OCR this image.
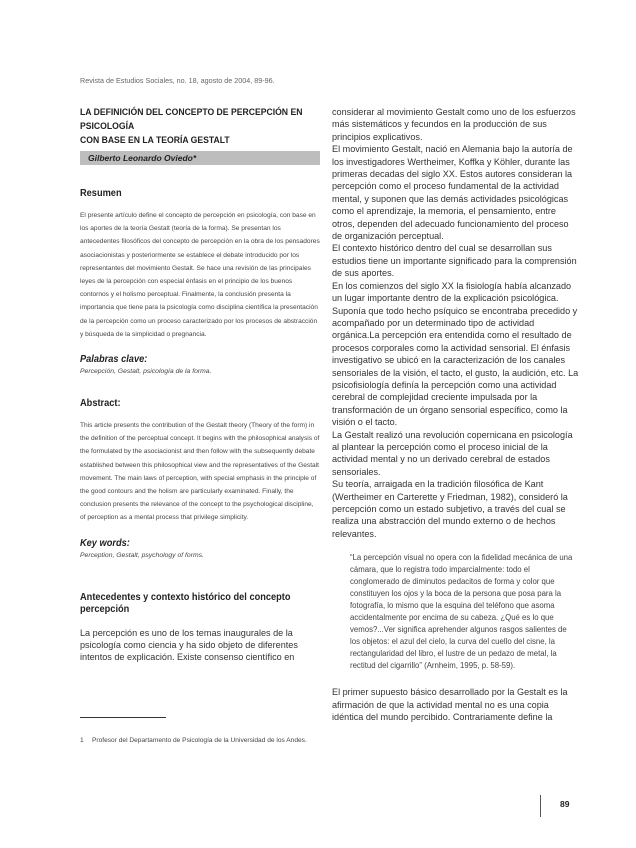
Revista de Estudios Sociales, no. 18, agosto de 2004, 89-96.
LA DEFINICIÓN DEL CONCEPTO DE PERCEPCIÓN EN PSICOLOGÍA
CON BASE EN LA TEORÍA GESTALT
Gilberto Leonardo Oviedo*
Resumen
El presente artículo define el concepto de percepción en psicología, con base en los aportes de la teoría Gestalt (teoría de la forma). Se presentan los antecedentes filosóficos del concepto de percepción en la obra de los pensadores asociacionistas y posteriormente se establece el debate introducido por los representantes del movimiento Gestalt. Se hace una revisión de las principales leyes de la percepción con especial énfasis en el principio de los buenos contornos y el holismo perceptual. Finalmente, la conclusión presenta la importancia que tiene para la psicología como disciplina científica la presentación de la percepción como un proceso caracterizado por los procesos de abstracción y búsqueda de la simplicidad o pregnancia.
Palabras clave:
Percepción, Gestalt, psicología de la forma.
Abstract:
This article presents the contribution of the Gestalt theory (Theory of the form) in the definition of the perceptual concept. It begins with the philosophical analysis of the formulated by the asociacionist and then follow with the subsequently debate established between this philosophical view and the representatives of the Gestalt movement. The main laws of perception, with special emphasis in the principle of the good contours and the holism are particularly examinated. Finally, the conclusion presents the relevance of the concept to the psychological discipline, of perception as a mental process that privilege simplicity.
Key words:
Perception, Gestalt, psychology of forms.
Antecedentes y contexto histórico del concepto percepción
La percepción es uno de los temas inaugurales de la psicología como ciencia y ha sido objeto de diferentes intentos de explicación. Existe consenso científico en
1	Profesor del Departamento de Psicología de la Universidad de los Andes.

considerar al movimiento Gestalt como uno de los esfuerzos más sistemáticos y fecundos en la producción de sus principios explicativos.

El movimiento Gestalt, nació en Alemania bajo la autoría de los investigadores Wertheimer, Koffka y Köhler, durante las primeras decadas del siglo XX. Estos autores consideran la percepción como el proceso fundamental de la actividad mental, y suponen que las demás actividades psicológicas como el aprendizaje, la memoria, el pensamiento, entre otros, dependen del adecuado funcionamiento del proceso de organización perceptual.

El contexto histórico dentro del cual se desarrollan sus estudios tiene un importante significado para la comprensión de sus aportes.

En los comienzos del siglo XX la fisiología había alcanzado un lugar importante dentro de la explicación psicológica. Suponía que todo hecho psíquico se encontraba precedido y acompañado por un determinado tipo de actividad orgánica.La percepción era entendida como el resultado de procesos corporales como la actividad sensorial. El énfasis investigativo se ubicó en la caracterización de los canales sensoriales de la visión, el tacto, el gusto, la audición, etc. La psicofisiología definía la percepción como una actividad cerebral de complejidad creciente impulsada por la transformación de un órgano sensorial específico, como la visión o el tacto.

La Gestalt realizó una revolución copernicana en psicología al plantear la percepción como el proceso inicial de la actividad mental y no un derivado cerebral de estados sensoriales.

Su teoría, arraigada en la tradición filosófica de Kant (Wertheimer en Carterette y Friedman, 1982), consideró la percepción como un estado subjetivo, a través del cual se realiza una abstracción del mundo externo o de hechos relevantes.

“La percepción visual no opera con la fidelidad mecánica de una cámara, que lo registra todo imparcialmente: todo el conglomerado de diminutos pedacitos de forma y color que constituyen los ojos y la boca de la persona que posa para la fotografía, lo mismo que la esquina del teléfono que asoma accidentalmente por encima de su cabeza. ¿Qué es lo que vemos?...Ver significa aprehender algunos rasgos salientes de los objetos: el azul del cielo, la curva del cuello del cisne, la rectangularidad del libro, el lustre de un pedazo de metal, la rectitud del cigarrillo” (Arnheim, 1995, p. 58-59).
El primer supuesto básico desarrollado por la Gestalt es la afirmación de que la actividad mental no es una copia idéntica del mundo percibido. Contrariamente define la
89
